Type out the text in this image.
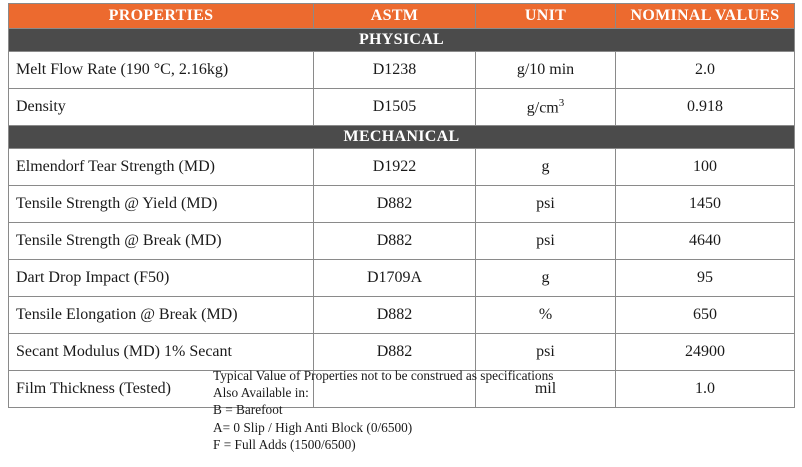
PROPERTIES	ASTM	UNIT	NOMINAL VALUES
PHYSICAL			
Melt Flow Rate (190 °C, 2.16kg)	D1238	g/10 min	2.0
Density	D1505	$g/cm^3$	0.918
MECHANICAL			
Elmendorf Tear Strength (MD)	D1922	g	100
Tensile Strength @ Yield (MD)	D882	psi	1450
Tensile Strength @ Break (MD)	D882	psi	4640
Dart Drop Impact (F50)	D1709A	g	95
Tensile Elongation @ Break (MD)	D882	%	650
Secant Modulus (MD) 1% Secant	D882	psi	24900
Film Thickness (Tested)		mil	1.0
Typical Value of Properties not to be construed as specifications
Also Available in:
B = Barefoot
A= 0 Slip / High Anti Block (0/6500)
F = Full Adds (1500/6500)
